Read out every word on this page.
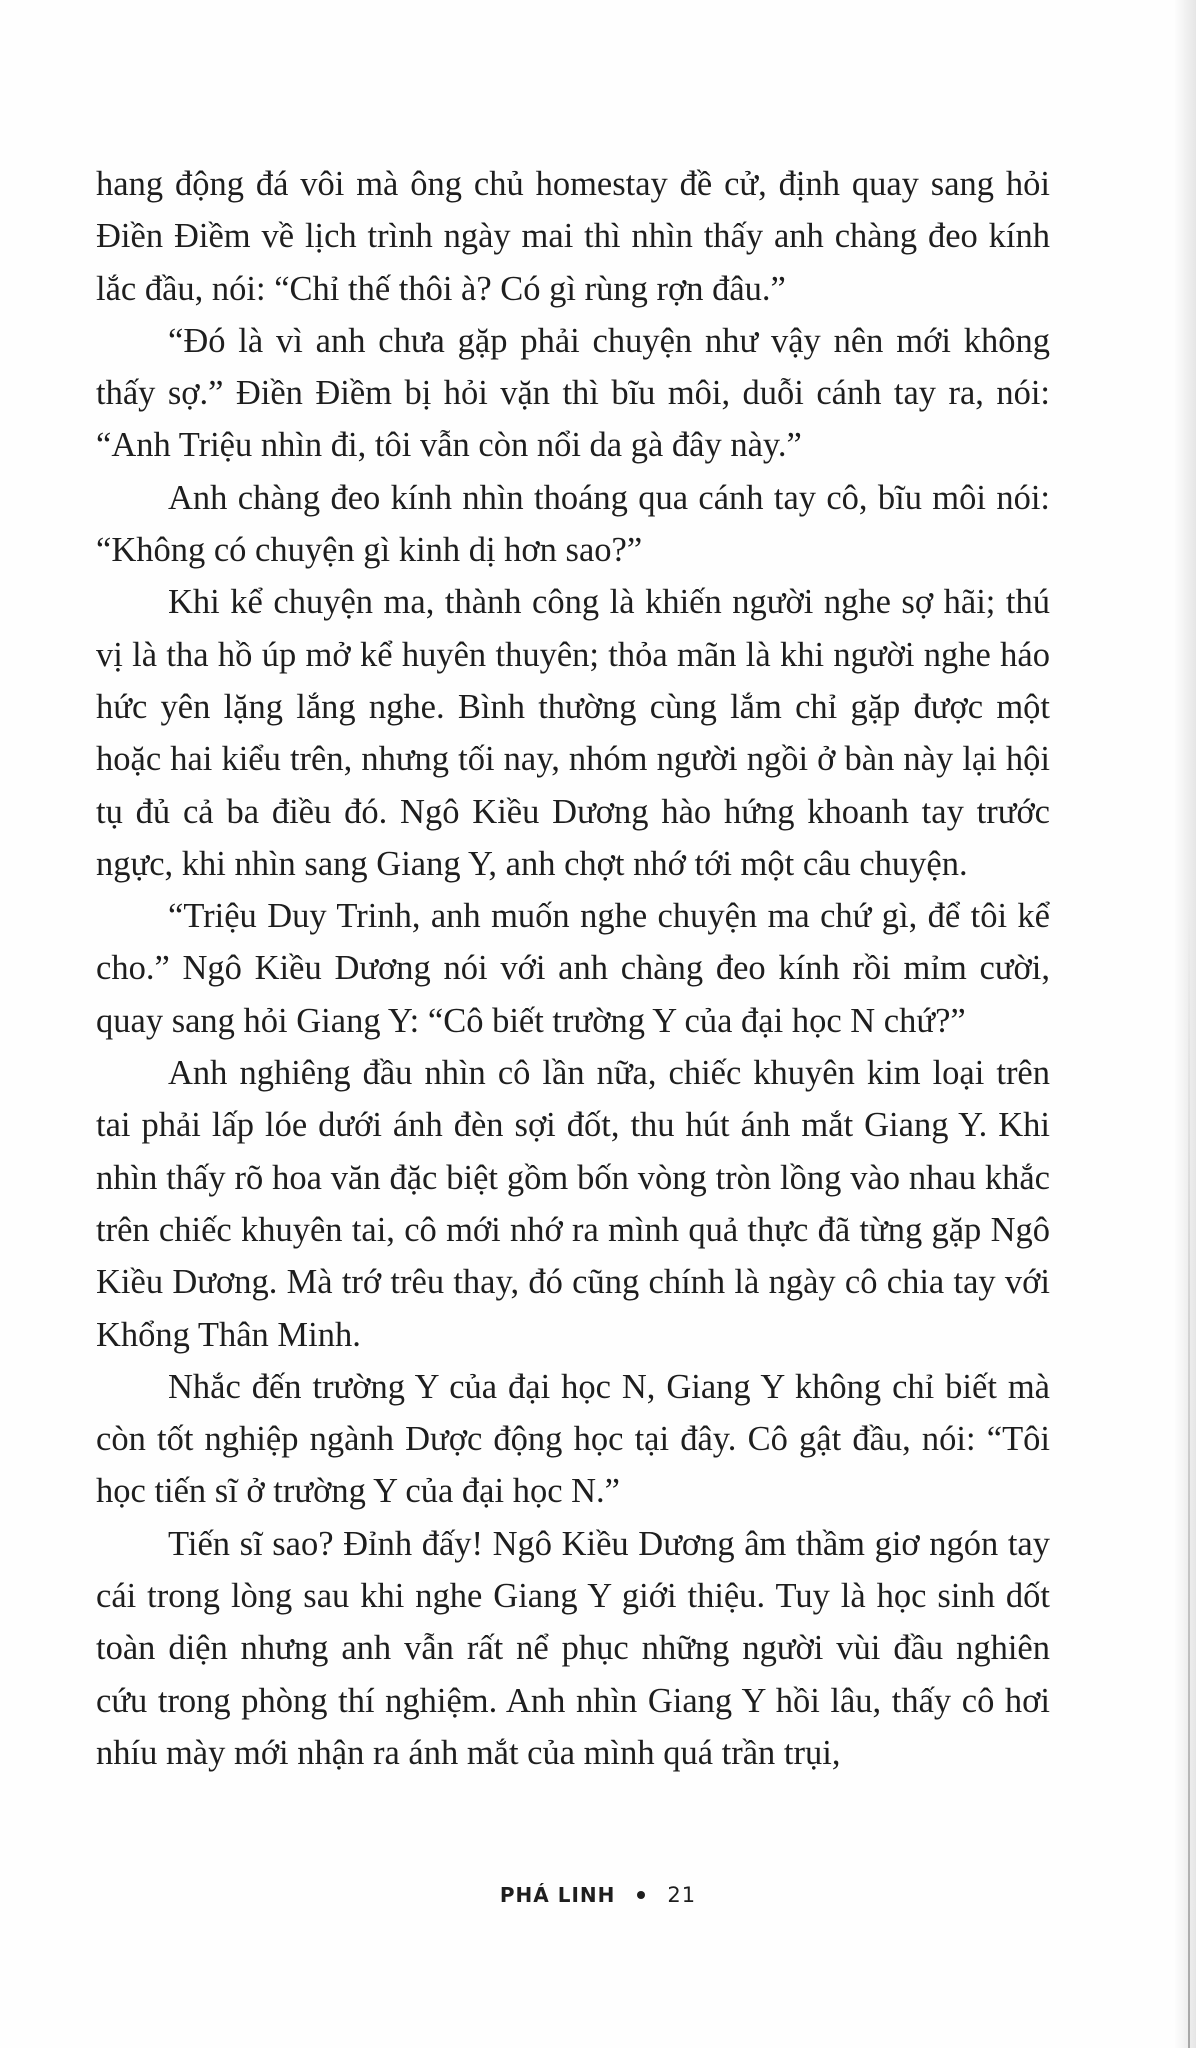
hang động đá vôi mà ông chủ homestay đề cử, định quay sang hỏi Điền Điềm về lịch trình ngày mai thì nhìn thấy anh chàng đeo kính lắc đầu, nói: “Chỉ thế thôi à? Có gì rùng rợn đâu.”

“Đó là vì anh chưa gặp phải chuyện như vậy nên mới không thấy sợ.” Điền Điềm bị hỏi vặn thì bĩu môi, duỗi cánh tay ra, nói: “Anh Triệu nhìn đi, tôi vẫn còn nổi da gà đây này.”

Anh chàng đeo kính nhìn thoáng qua cánh tay cô, bĩu môi nói: “Không có chuyện gì kinh dị hơn sao?”

Khi kể chuyện ma, thành công là khiến người nghe sợ hãi; thú vị là tha hồ úp mở kể huyên thuyên; thỏa mãn là khi người nghe háo hức yên lặng lắng nghe. Bình thường cùng lắm chỉ gặp được một hoặc hai kiểu trên, nhưng tối nay, nhóm người ngồi ở bàn này lại hội tụ đủ cả ba điều đó. Ngô Kiều Dương hào hứng khoanh tay trước ngực, khi nhìn sang Giang Y, anh chợt nhớ tới một câu chuyện.

“Triệu Duy Trinh, anh muốn nghe chuyện ma chứ gì, để tôi kể cho.” Ngô Kiều Dương nói với anh chàng đeo kính rồi mỉm cười, quay sang hỏi Giang Y: “Cô biết trường Y của đại học N chứ?”

Anh nghiêng đầu nhìn cô lần nữa, chiếc khuyên kim loại trên tai phải lấp lóe dưới ánh đèn sợi đốt, thu hút ánh mắt Giang Y. Khi nhìn thấy rõ hoa văn đặc biệt gồm bốn vòng tròn lồng vào nhau khắc trên chiếc khuyên tai, cô mới nhớ ra mình quả thực đã từng gặp Ngô Kiều Dương. Mà trớ trêu thay, đó cũng chính là ngày cô chia tay với Khổng Thân Minh.

Nhắc đến trường Y của đại học N, Giang Y không chỉ biết mà còn tốt nghiệp ngành Dược động học tại đây. Cô gật đầu, nói: “Tôi học tiến sĩ ở trường Y của đại học N.”

Tiến sĩ sao? Đỉnh đấy! Ngô Kiều Dương âm thầm giơ ngón tay cái trong lòng sau khi nghe Giang Y giới thiệu. Tuy là học sinh dốt toàn diện nhưng anh vẫn rất nể phục những người vùi đầu nghiên cứu trong phòng thí nghiệm. Anh nhìn Giang Y hồi lâu, thấy cô hơi nhíu mày mới nhận ra ánh mắt của mình quá trần trụi,

PHÁ LINH 21
